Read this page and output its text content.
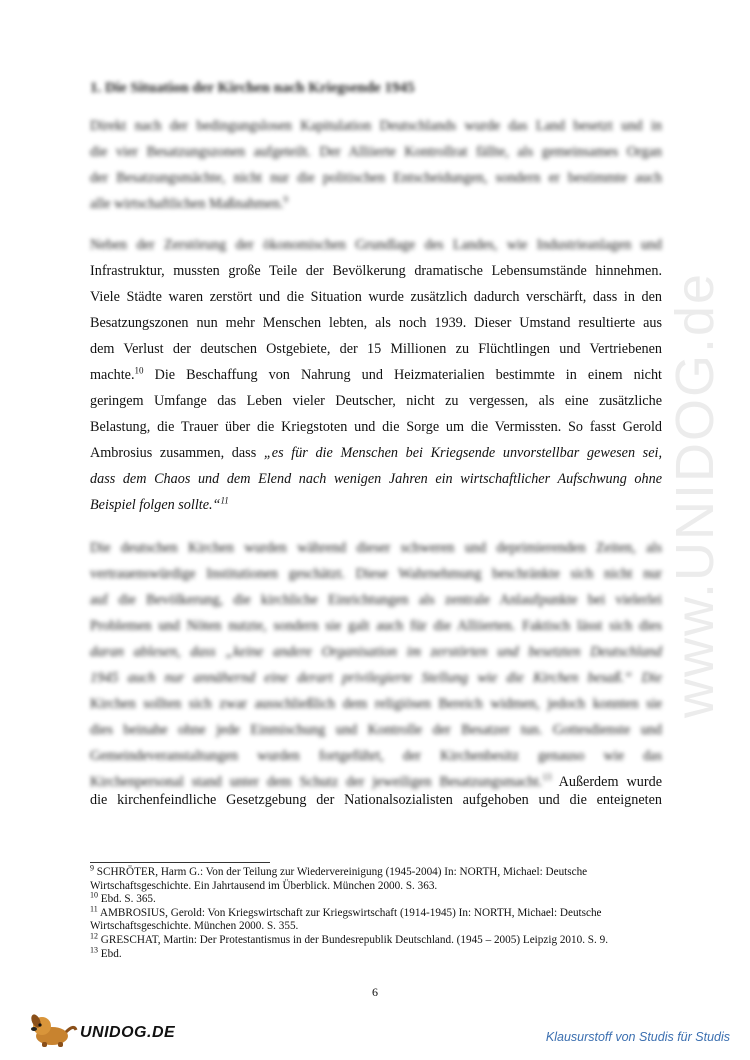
www.UNIDOG.de
1. Die Situation der Kirchen nach Kriegsende 1945
Direkt nach der bedingungslosen Kapitulation Deutschlands wurde das Land besetzt und in
die vier Besatzungszonen aufgeteilt. Der Alliierte Kontrollrat fällte, als gemeinsames Organ
der Besatzungsmächte, nicht nur die politischen Entscheidungen, sondern er bestimmte auch
alle wirtschaftlichen Maßnahmen.$^9$
Neben der Zerstörung der ökonomischen Grundlage des Landes, wie Industrieanlagen und
Infrastruktur, mussten große Teile der Bevölkerung dramatische Lebensumstände hinnehmen.
Viele Städte waren zerstört und die Situation wurde zusätzlich dadurch verschärft, dass in den
Besatzungszonen nun mehr Menschen lebten, als noch 1939. Dieser Umstand resultierte aus
dem Verlust der deutschen Ostgebiete, der 15 Millionen zu Flüchtlingen und Vertriebenen
machte.$^{10}$ Die Beschaffung von Nahrung und Heizmaterialien bestimmte in einem nicht
geringem Umfange das Leben vieler Deutscher, nicht zu vergessen, als eine zusätzliche
Belastung, die Trauer über die Kriegstoten und die Sorge um die Vermissten. So fasst Gerold
Ambrosius zusammen, dass „es für die Menschen bei Kriegsende unvorstellbar gewesen sei,
dass dem Chaos und dem Elend nach wenigen Jahren ein wirtschaftlicher Aufschwung ohne
Beispiel folgen sollte.“$^{11}$
Die deutschen Kirchen wurden während dieser schweren und deprimierenden Zeiten, als
vertrauenswürdige Institutionen geschätzt. Diese Wahrnehmung beschränkte sich nicht nur
auf die Bevölkerung, die kirchliche Einrichtungen als zentrale Anlaufpunkte bei vielerlei
Problemen und Nöten nutzte, sondern sie galt auch für die Alliierten. Faktisch lässt sich dies
daran ablesen, dass „keine andere Organisation im zerstörten und besetzten Deutschland
1945 auch nur annähernd eine derart privilegierte Stellung wie die Kirchen besaß.“ Die
Kirchen sollten sich zwar ausschließlich dem religiösen Bereich widmen, jedoch konnten sie
dies beinahe ohne jede Einmischung und Kontrolle der Besatzer tun. Gottesdienste und
Gemeindeveranstaltungen wurden fortgeführt, der Kirchenbesitz genauso wie das
Kirchenpersonal stand unter dem Schutz der jeweiligen Besatzungsmacht.$^{13}$ Außerdem wurde
die kirchenfeindliche Gesetzgebung der Nationalsozialisten aufgehoben und die enteigneten
$^9$ SCHRÖTER, Harm G.: Von der Teilung zur Wiedervereinigung (1945-2004) In: NORTH, Michael: Deutsche Wirtschaftsgeschichte. Ein Jahrtausend im Überblick. München 2000. S. 363.
$^{10}$ Ebd. S. 365.
$^{11}$ AMBROSIUS, Gerold: Von Kriegswirtschaft zur Kriegswirtschaft (1914-1945) In: NORTH, Michael: Deutsche Wirtschaftsgeschichte. München 2000. S. 355.
$^{12}$ GRESCHAT, Martin: Der Protestantismus in der Bundesrepublik Deutschland. (1945 – 2005) Leipzig 2010. S. 9.
$^{13}$ Ebd.
6
UNIDOG.DE	Klausurstoff von Studis für Studis
